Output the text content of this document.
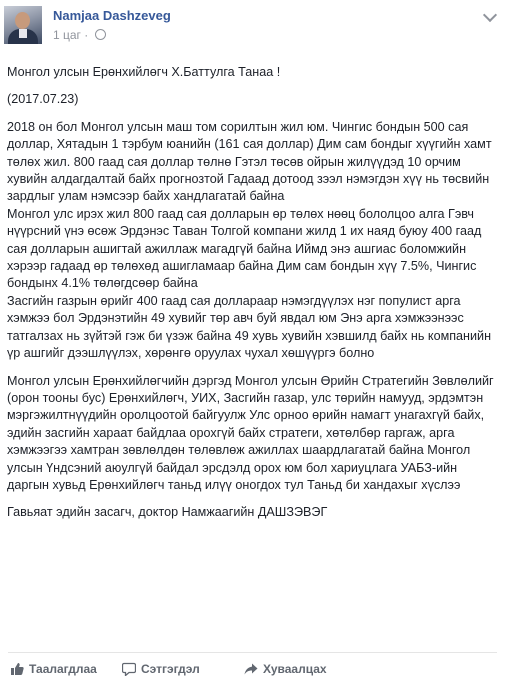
Namjaa Dashzeveg
1 цаг ·

Монгол улсын Ерөнхийлөгч Х.Баттулга Танаа !

(2017.07.23)

2018 он бол Монгол улсын маш том сорилтын жил юм. Чингис бондын 500 сая доллар, Хятадын 1 тэрбум юанийн (161 сая доллар) Дим сам бондыг хүүгийн хамт төлөх жил. 800 гаад сая доллар төлнө Гэтэл төсөв ойрын жилүүдэд 10 орчим хувийн алдагдалтай байх прогнозтой Гадаад дотоод зээл нэмэгдэн хүү нь төсвийн зардлыг улам нэмсээр байх хандлагатай байна
Монгол улс ирэх жил 800 гаад сая долларын өр төлөх нөөц бололцоо алга Гэвч нүүрсний үнэ өсөж Эрдэнэс Таван Толгой компани жилд 1 их наяд буюу 400 гаад сая долларын ашигтай ажиллаж магадгүй байна Иймд энэ ашгиас боломжийн хэрээр гадаад өр төлөхөд ашигламаар байна Дим сам бондын хүү 7.5%, Чингис бондынх 4.1% төлөгдсөөр байна
Засгийн газрын өрийг 400 гаад сая доллараар нэмэгдүүлэх нэг популист арга хэмжээ бол Эрдэнэтийн 49 хувийг төр авч буй явдал юм Энэ арга хэмжээнээс татгалзах нь зүйтэй гэж би үзэж байна 49 хувь хувийн хэвшилд байх нь компанийн үр ашгийг дээшлүүлэх, хөрөнгө оруулах чухал хөшүүргэ болно

Монгол улсын Ерөнхийлөгчийн дэргэд Монгол улсын Өрийн Стратегийн Зөвлөлийг (орон тооны бус) Ерөнхийлөгч, УИХ, Засгийн газар, улс төрийн намууд, эрдэмтэн мэргэжилтнүүдийн оролцоотой байгуулж Улс орноо өрийн намагт унагахгүй байх, эдийн засгийн хараат байдлаа орохгүй байх стратеги, хөтөлбөр гаргаж, арга хэмжээгээ хамтран зөвлөлдөн төлөвлөж ажиллах шаардлагатай байна Монгол улсын Үндсэний аюулгүй байдал эрсдэлд орох юм бол хариуцлага УАБЗ-ийн даргын хувьд Ерөнхийлөгч таньд илүү оногдох тул Таньд би хандахыг хүслээ

Гавьяат эдийн засагч, доктор Намжаагийн ДАШЗЭВЭГ

Таалагдлаа	Сэтгэгдэл	Хуваалцах
